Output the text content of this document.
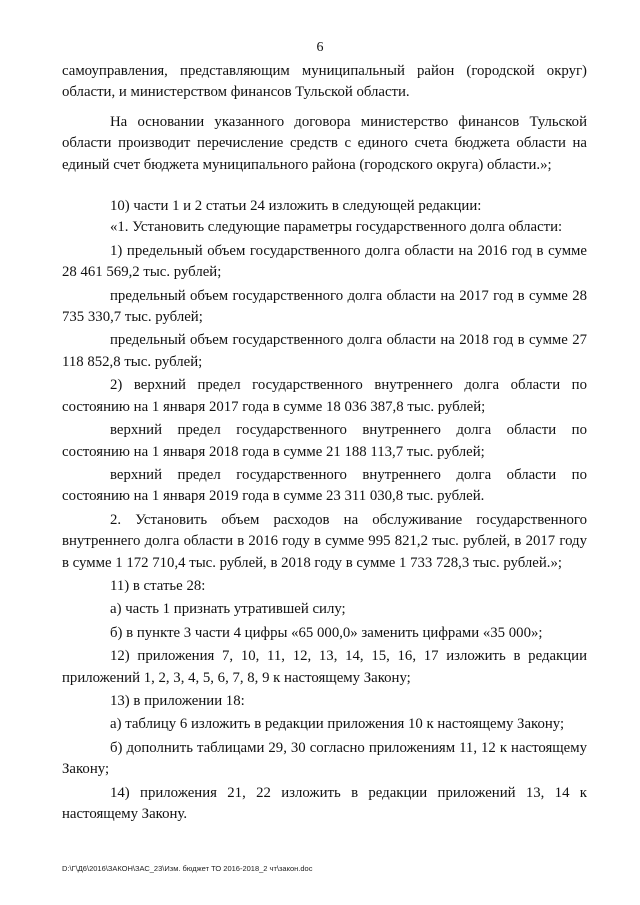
6

самоуправления, представляющим муниципальный район (городской округ) области, и министерством финансов Тульской области.

На основании указанного договора министерство финансов Тульской области производит перечисление средств с единого счета бюджета области на единый счет бюджета муниципального района (городского округа) области.»;

10) части 1 и 2 статьи 24 изложить в следующей редакции:

«1. Установить следующие параметры государственного долга области:

1) предельный объем государственного долга области на 2016 год в сумме 28 461 569,2 тыс. рублей;

предельный объем государственного долга области на 2017 год в сумме 28 735 330,7 тыс. рублей;

предельный объем государственного долга области на 2018 год в сумме 27 118 852,8 тыс. рублей;

2) верхний предел государственного внутреннего долга области по состоянию на 1 января 2017 года в сумме 18 036 387,8 тыс. рублей;

верхний предел государственного внутреннего долга области по состоянию на 1 января 2018 года в сумме 21 188 113,7 тыс. рублей;

верхний предел государственного внутреннего долга области по состоянию на 1 января 2019 года в сумме 23 311 030,8 тыс. рублей.

2. Установить объем расходов на обслуживание государственного внутреннего долга области в 2016 году в сумме 995 821,2 тыс. рублей, в 2017 году в сумме 1 172 710,4 тыс. рублей, в 2018 году в сумме 1 733 728,3 тыс. рублей.»;

11) в статье 28:

а) часть 1 признать утратившей силу;

б) в пункте 3 части 4 цифры «65 000,0» заменить цифрами «35 000»;

12) приложения 7, 10, 11, 12, 13, 14, 15, 16, 17 изложить в редакции приложений 1, 2, 3, 4, 5, 6, 7, 8, 9 к настоящему Закону;

13) в приложении 18:

а) таблицу 6 изложить в редакции приложения 10 к настоящему Закону;

б) дополнить таблицами 29, 30 согласно приложениям 11, 12 к настоящему Закону;

14) приложения 21, 22 изложить в редакции приложений 13, 14 к настоящему Закону.

D:\Г\Д6\2016\ЗАКОН\ЗАС_23\Изм. бюджет ТО 2016-2018_2 чт\закон.doc
